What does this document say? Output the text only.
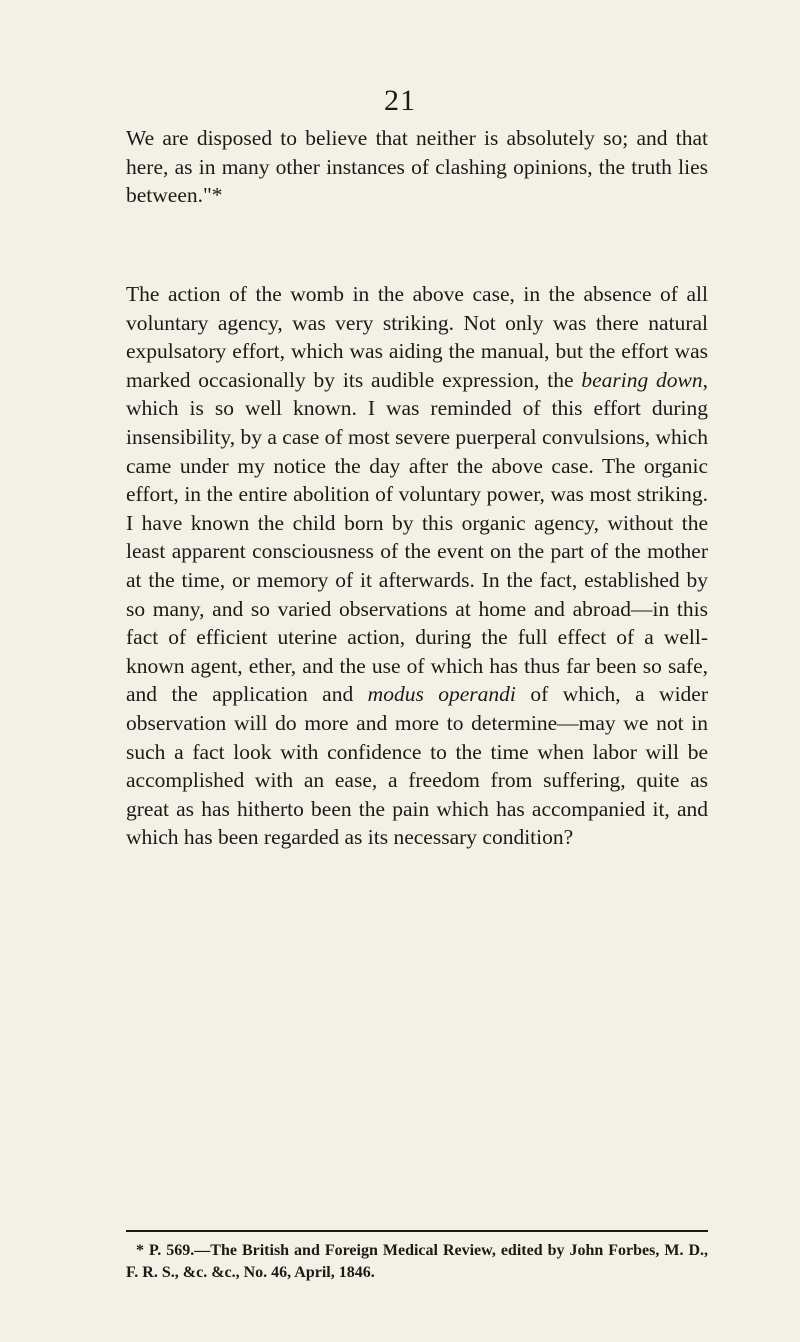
21

We are disposed to believe that neither is absolutely so; and that here, as in many other instances of clashing opinions, the truth lies between."*

The action of the womb in the above case, in the absence of all voluntary agency, was very striking. Not only was there natural expulsatory effort, which was aiding the manual, but the effort was marked occasionally by its audible expression, the bearing down, which is so well known. I was reminded of this effort during insensibility, by a case of most severe puerperal convulsions, which came under my notice the day after the above case. The organic effort, in the entire abolition of voluntary power, was most striking. I have known the child born by this organic agency, without the least apparent consciousness of the event on the part of the mother at the time, or memory of it afterwards. In the fact, established by so many, and so varied observations at home and abroad—in this fact of efficient uterine action, during the full effect of a well-known agent, ether, and the use of which has thus far been so safe, and the application and modus operandi of which, a wider observation will do more and more to determine—may we not in such a fact look with confidence to the time when labor will be accomplished with an ease, a freedom from suffering, quite as great as has hitherto been the pain which has accompanied it, and which has been regarded as its necessary condition?

* P. 569.—The British and Foreign Medical Review, edited by John Forbes, M. D., F. R. S., &c. &c., No. 46, April, 1846.
